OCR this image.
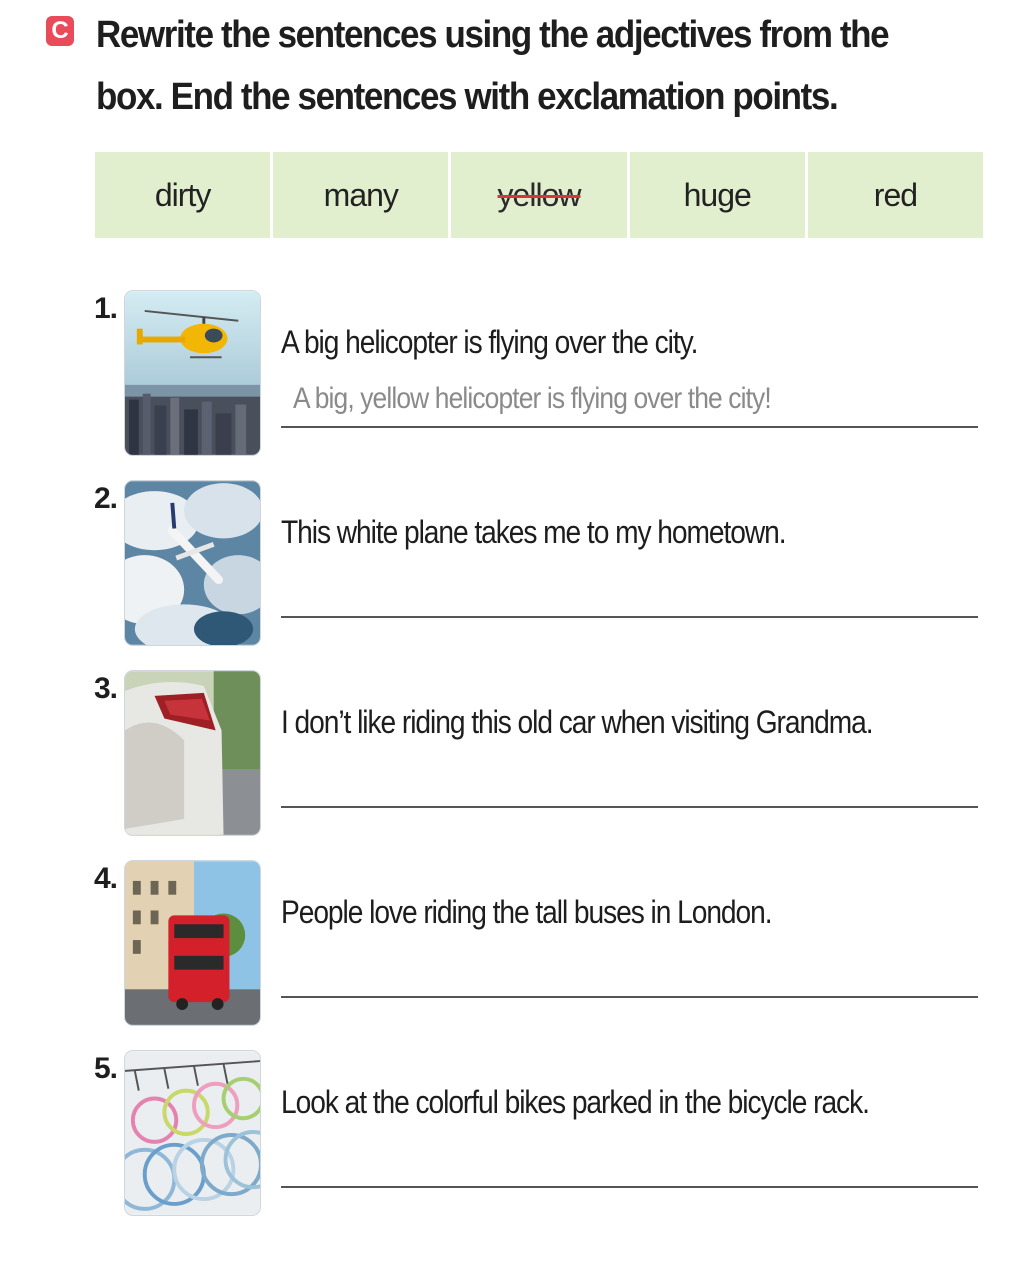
C Rewrite the sentences using the adjectives from the box. End the sentences with exclamation points.
dirty	many	yellow	huge	red
1.
A big helicopter is flying over the city.
A big, yellow helicopter is flying over the city!
2.
This white plane takes me to my hometown.
3.
I don’t like riding this old car when visiting Grandma.
4.
People love riding the tall buses in London.
5.
Look at the colorful bikes parked in the bicycle rack.
